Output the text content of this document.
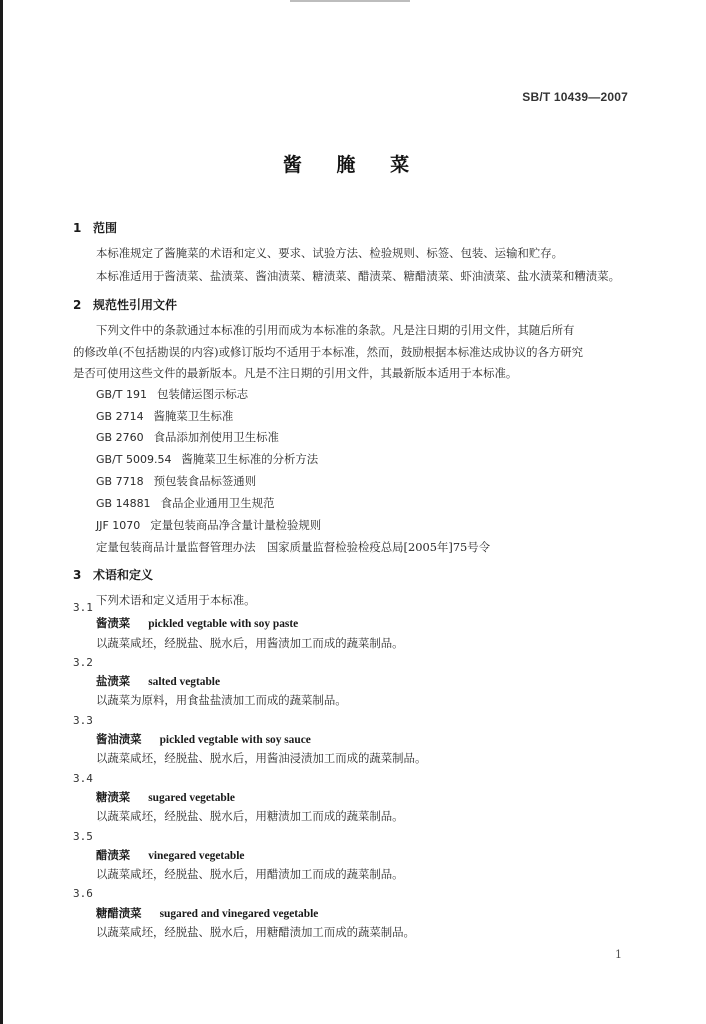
SB/T 10439—2007
酱 腌 菜
1 范围
本标准规定了酱腌菜的术语和定义、要求、试验方法、检验规则、标签、包装、运输和贮存。
本标准适用于酱渍菜、盐渍菜、酱油渍菜、糖渍菜、醋渍菜、糖醋渍菜、虾油渍菜、盐水渍菜和糟渍菜。
2 规范性引用文件
下列文件中的条款通过本标准的引用而成为本标准的条款。凡是注日期的引用文件，其随后所有
的修改单(不包括勘误的内容)或修订版均不适用于本标准，然而，鼓励根据本标准达成协议的各方研究
是否可使用这些文件的最新版本。凡是不注日期的引用文件，其最新版本适用于本标准。
GB/T 191 包装储运图示标志
GB 2714 酱腌菜卫生标准
GB 2760 食品添加剂使用卫生标准
GB/T 5009.54 酱腌菜卫生标准的分析方法
GB 7718 预包装食品标签通则
GB 14881 食品企业通用卫生规范
JJF 1070 定量包装商品净含量计量检验规则
定量包装商品计量监督管理办法　国家质量监督检验检疫总局[2005年]75号令
3 术语和定义
下列术语和定义适用于本标准。
3.1
酱渍菜 pickled vegtable with soy paste
以蔬菜咸坯，经脱盐、脱水后，用酱渍加工而成的蔬菜制品。
3.2
盐渍菜 salted vegtable
以蔬菜为原料，用食盐盐渍加工而成的蔬菜制品。
3.3
酱油渍菜 pickled vegtable with soy sauce
以蔬菜咸坯，经脱盐、脱水后，用酱油浸渍加工而成的蔬菜制品。
3.4
糖渍菜 sugared vegetable
以蔬菜咸坯，经脱盐、脱水后，用糖渍加工而成的蔬菜制品。
3.5
醋渍菜 vinegared vegetable
以蔬菜咸坯，经脱盐、脱水后，用醋渍加工而成的蔬菜制品。
3.6
糖醋渍菜 sugared and vinegared vegetable
以蔬菜咸坯，经脱盐、脱水后，用糖醋渍加工而成的蔬菜制品。
1
